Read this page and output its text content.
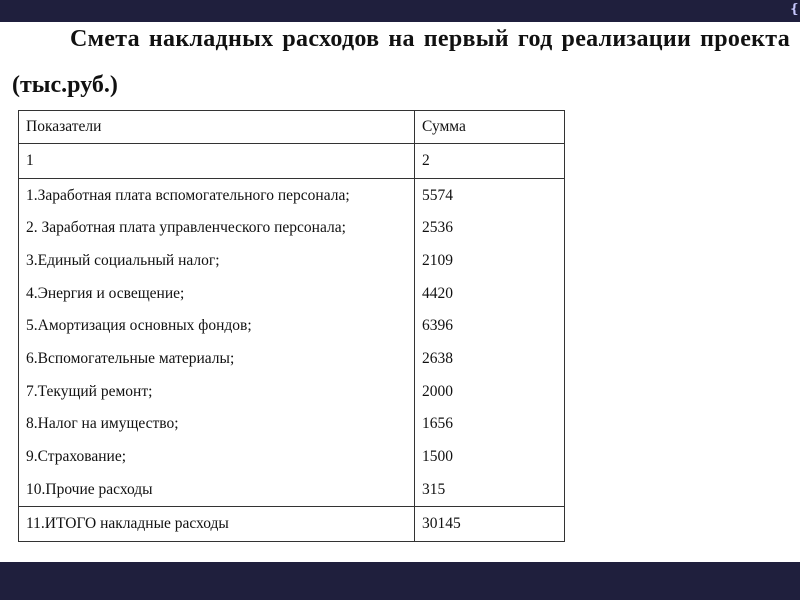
❴
Смета накладных расходов на первый год реализации проекта
(тыс.руб.)
Показатели	Сумма
1	2
1.Заработная плата вспомогательного персонала;	5574
2. Заработная плата управленческого персонала;	2536
3.Единый социальный налог;	2109
4.Энергия и освещение;	4420
5.Амортизация основных фондов;	6396
6.Вспомогательные материалы;	2638
7.Текущий ремонт;	2000
8.Налог на имущество;	1656
9.Страхование;	1500
10.Прочие расходы	315
11.ИТОГО накладные расходы	30145
